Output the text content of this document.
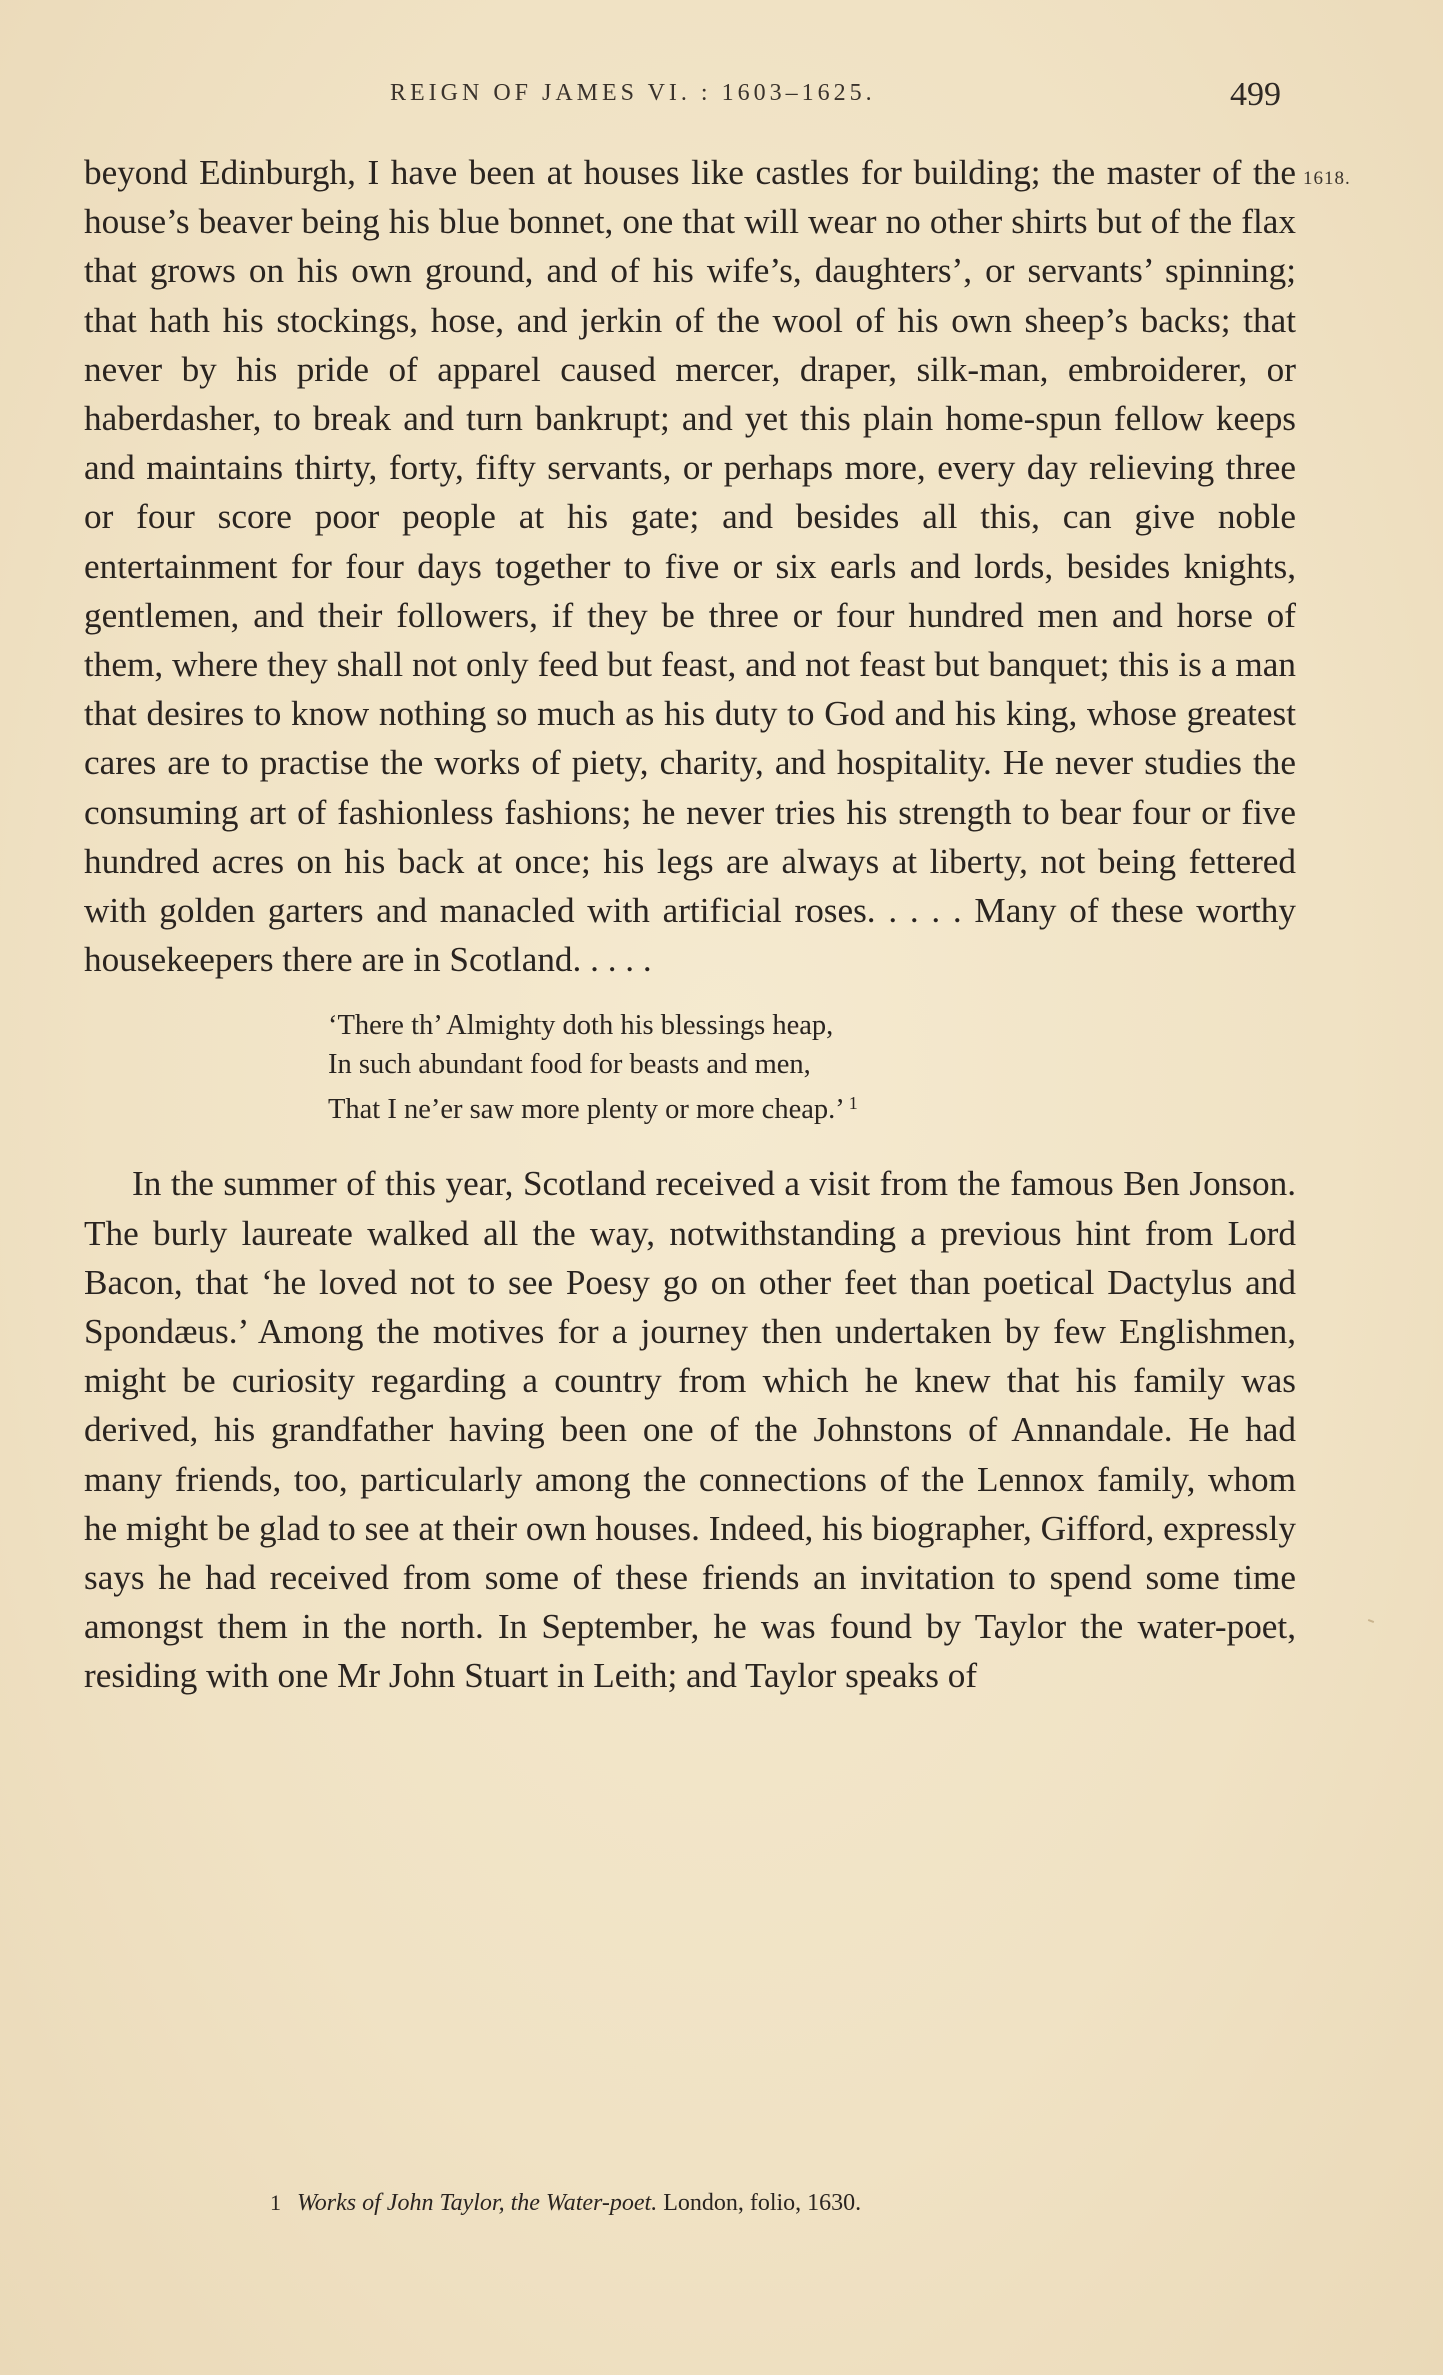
REIGN OF JAMES VI. : 1603–1625.	499
1618.

beyond Edinburgh, I have been at houses like castles for building; the master of the house’s beaver being his blue bonnet, one that will wear no other shirts but of the flax that grows on his own ground, and of his wife’s, daughters’, or servants’ spinning; that hath his stockings, hose, and jerkin of the wool of his own sheep’s backs; that never by his pride of apparel caused mercer, draper, silk-man, embroiderer, or haberdasher, to break and turn bankrupt; and yet this plain home-spun fellow keeps and maintains thirty, forty, fifty servants, or perhaps more, every day relieving three or four score poor people at his gate; and besides all this, can give noble entertainment for four days together to five or six earls and lords, besides knights, gentlemen, and their followers, if they be three or four hundred men and horse of them, where they shall not only feed but feast, and not feast but banquet; this is a man that desires to know nothing so much as his duty to God and his king, whose greatest cares are to practise the works of piety, charity, and hospitality. He never studies the consuming art of fashionless fashions; he never tries his strength to bear four or five hundred acres on his back at once; his legs are always at liberty, not being fettered with golden garters and manacled with artificial roses. . . . . Many of these worthy housekeepers there are in Scotland. . . . .

‘There th’ Almighty doth his blessings heap,
In such abundant food for beasts and men,
That I ne’er saw more plenty or more cheap.’ $^1$

In the summer of this year, Scotland received a visit from the famous Ben Jonson. The burly laureate walked all the way, notwithstanding a previous hint from Lord Bacon, that ‘he loved not to see Poesy go on other feet than poetical Dactylus and Spondæus.’ Among the motives for a journey then undertaken by few Englishmen, might be curiosity regarding a country from which he knew that his family was derived, his grandfather having been one of the Johnstons of Annandale. He had many friends, too, particularly among the connections of the Lennox family, whom he might be glad to see at their own houses. Indeed, his biographer, Gifford, expressly says he had received from some of these friends an invitation to spend some time amongst them in the north. In September, he was found by Taylor the water-poet, residing with one Mr John Stuart in Leith; and Taylor speaks of

1 Works of John Taylor, the Water-poet. London, folio, 1630.
